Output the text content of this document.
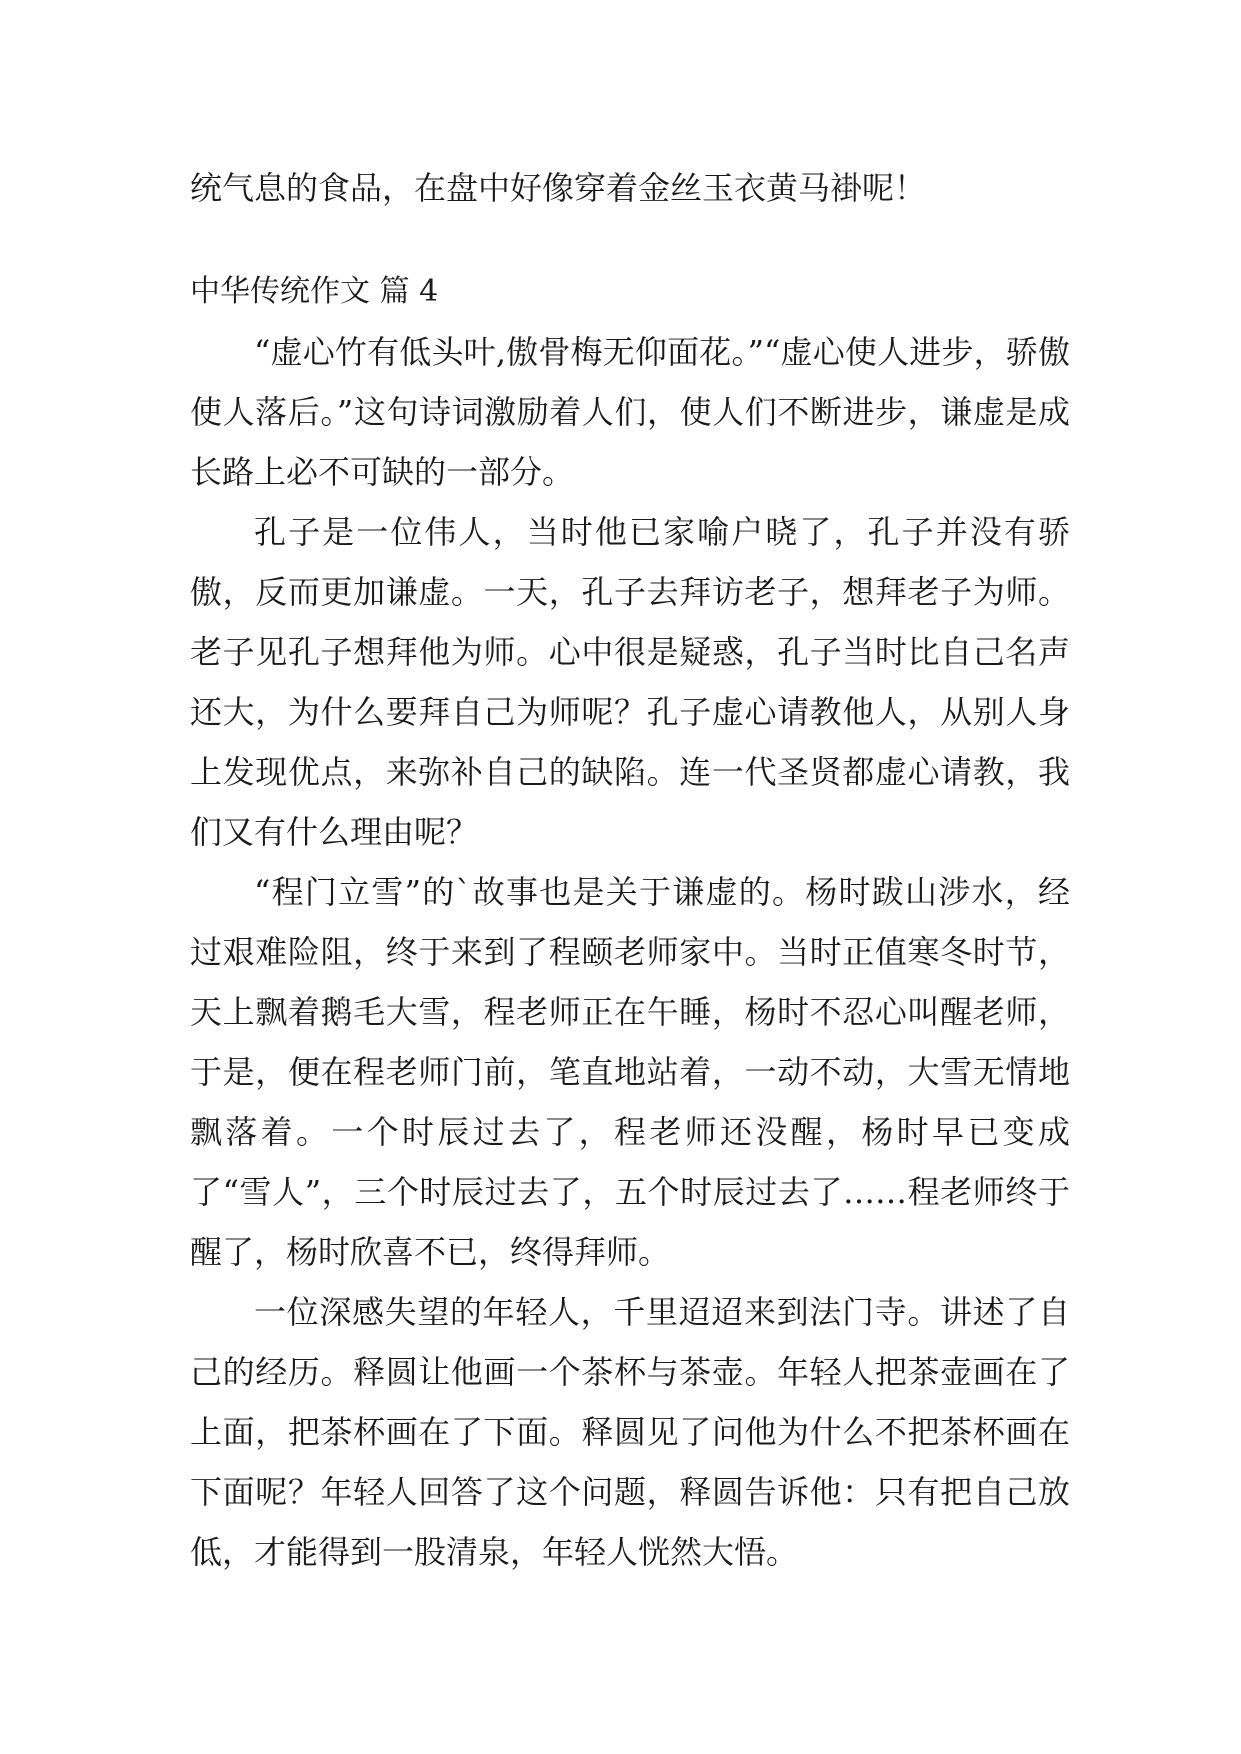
统气息的食品，在盘中好像穿着金丝玉衣黄马褂呢！

中华传统作文 篇 4

“虚心竹有低头叶,傲骨梅无仰面花。”“虚心使人进步，骄傲使人落后。”这句诗词激励着人们，使人们不断进步，谦虚是成长路上必不可缺的一部分。

孔子是一位伟人，当时他已家喻户晓了，孔子并没有骄傲，反而更加谦虚。一天，孔子去拜访老子，想拜老子为师。老子见孔子想拜他为师。心中很是疑惑，孔子当时比自己名声还大，为什么要拜自己为师呢？孔子虚心请教他人，从别人身上发现优点，来弥补自己的缺陷。连一代圣贤都虚心请教，我们又有什么理由呢？

“程门立雪”的`故事也是关于谦虚的。杨时跋山涉水，经过艰难险阻，终于来到了程颐老师家中。当时正值寒冬时节，天上飘着鹅毛大雪，程老师正在午睡，杨时不忍心叫醒老师，于是，便在程老师门前，笔直地站着，一动不动，大雪无情地飘落着。一个时辰过去了，程老师还没醒，杨时早已变成了“雪人”，三个时辰过去了，五个时辰过去了……程老师终于醒了，杨时欣喜不已，终得拜师。

一位深感失望的年轻人，千里迢迢来到法门寺。讲述了自己的经历。释圆让他画一个茶杯与茶壶。年轻人把茶壶画在了上面，把茶杯画在了下面。释圆见了问他为什么不把茶杯画在下面呢？年轻人回答了这个问题，释圆告诉他：只有把自己放低，才能得到一股清泉，年轻人恍然大悟。
